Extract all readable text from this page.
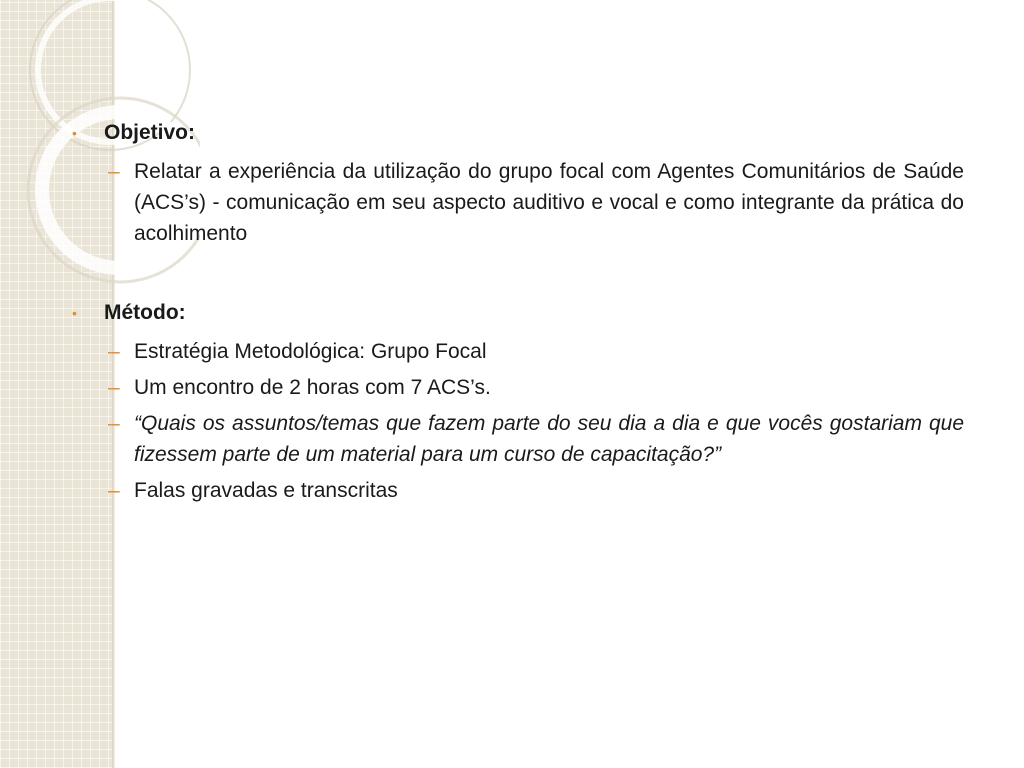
• Objetivo:
– Relatar a experiência da utilização do grupo focal com Agentes Comunitários de Saúde (ACS’s) - comunicação em seu aspecto auditivo e vocal e como integrante da prática do acolhimento
• Método:
– Estratégia Metodológica: Grupo Focal
– Um encontro de 2 horas com 7 ACS’s.
– “Quais os assuntos/temas que fazem parte do seu dia a dia e que vocês gostariam que fizessem parte de um material para um curso de capacitação?”
– Falas gravadas e transcritas
